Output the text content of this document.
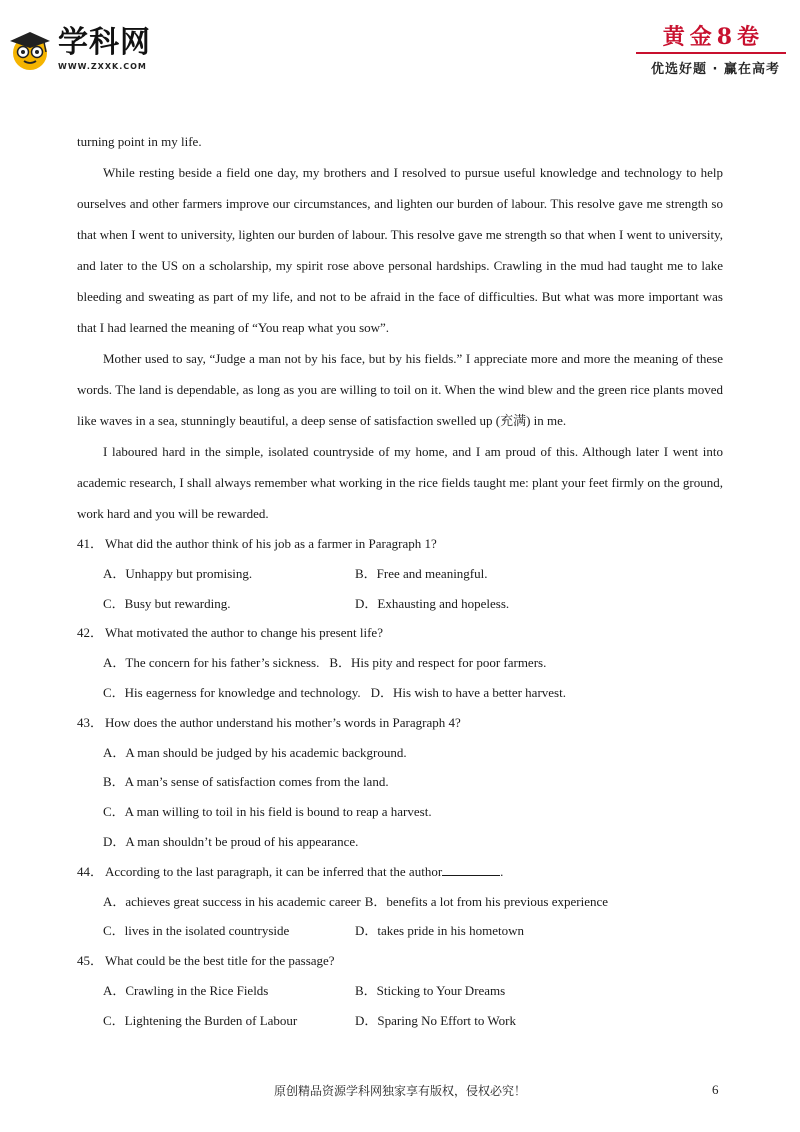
学科网
WWW.ZXXK.COM
黄金8卷
优选好题 · 赢在高考

turning point in my life.

While resting beside a field one day, my brothers and I resolved to pursue useful knowledge and technology to help ourselves and other farmers improve our circumstances, and lighten our burden of labour. This resolve gave me strength so that when I went to university, lighten our burden of labour. This resolve gave me strength so that when I went to university, and later to the US on a scholarship, my spirit rose above personal hardships. Crawling in the mud had taught me to lake bleeding and sweating as part of my life, and not to be afraid in the face of difficulties. But what was more important was that I had learned the meaning of “You reap what you sow”.

Mother used to say, “Judge a man not by his face, but by his fields.” I appreciate more and more the meaning of these words. The land is dependable, as long as you are willing to toil on it. When the wind blew and the green rice plants moved like waves in a sea, stunningly beautiful, a deep sense of satisfaction swelled up (充满) in me.

I laboured hard in the simple, isolated countryside of my home, and I am proud of this. Although later I went into academic research, I shall always remember what working in the rice fields taught me: plant your feet firmly on the ground, work hard and you will be rewarded.

41． What did the author think of his job as a farmer in Paragraph 1?
A．Unhappy but promising.	B．Free and meaningful.
C．Busy but rewarding.	D．Exhausting and hopeless.
42． What motivated the author to change his present life?
A．The concern for his father’s sickness. B．His pity and respect for poor farmers.
C．His eagerness for knowledge and technology. D．His wish to have a better harvest.
43． How does the author understand his mother’s words in Paragraph 4?
A．A man should be judged by his academic background.
B．A man’s sense of satisfaction comes from the land.
C．A man willing to toil in his field is bound to reap a harvest.
D．A man shouldn’t be proud of his appearance.
44． According to the last paragraph, it can be inferred that the author	.
A．achieves great success in his academic career B．benefits a lot from his previous experience
C．lives in the isolated countryside	D．takes pride in his hometown
45． What could be the best title for the passage?
A．Crawling in the Rice Fields	B．Sticking to Your Dreams
C．Lightening the Burden of Labour	D．Sparing No Effort to Work
原创精品资源学科网独家享有版权，侵权必究！	6
